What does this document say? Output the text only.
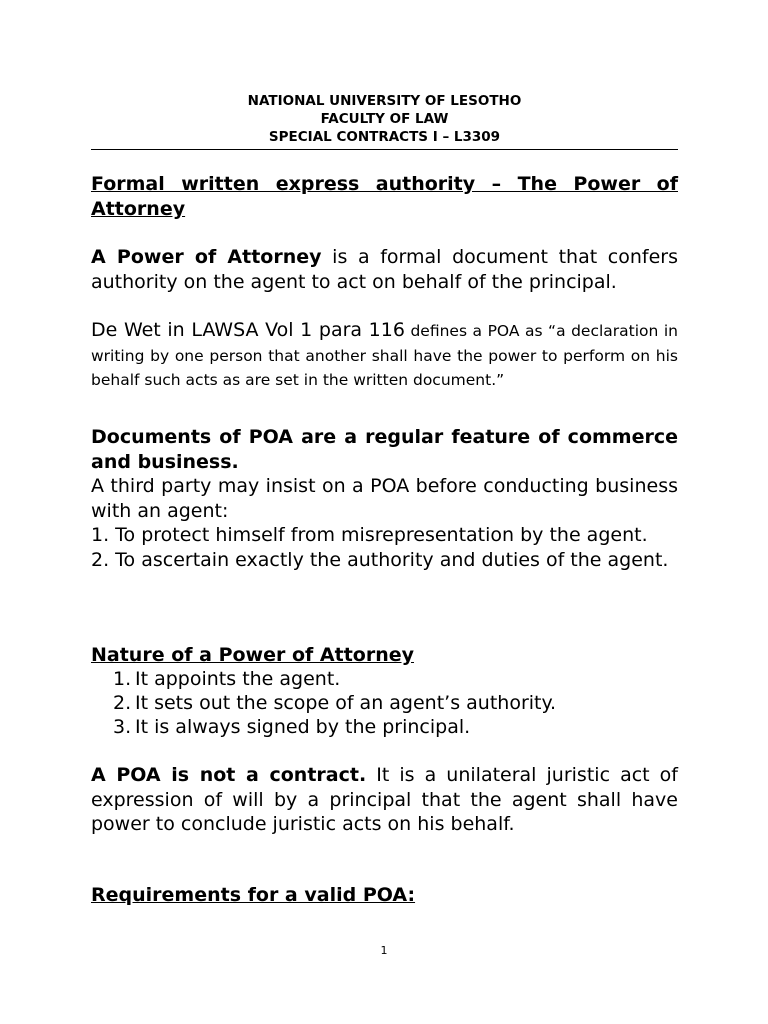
NATIONAL UNIVERSITY OF LESOTHO
FACULTY OF LAW
SPECIAL CONTRACTS I – L3309
Formal written express authority – The Power of Attorney
A Power of Attorney is a formal document that confers authority on the agent to act on behalf of the principal.
De Wet in LAWSA Vol 1 para 116 defines a POA as “a declaration in writing by one person that another shall have the power to perform on his behalf such acts as are set in the written document.”
Documents of POA are a regular feature of commerce and business.
A third party may insist on a POA before conducting business with an agent:
1. To protect himself from misrepresentation by the agent.
2. To ascertain exactly the authority and duties of the agent.
Nature of a Power of Attorney
1. It appoints the agent.
2. It sets out the scope of an agent’s authority.
3. It is always signed by the principal.
A POA is not a contract. It is a unilateral juristic act of expression of will by a principal that the agent shall have power to conclude juristic acts on his behalf.
Requirements for a valid POA:
1
